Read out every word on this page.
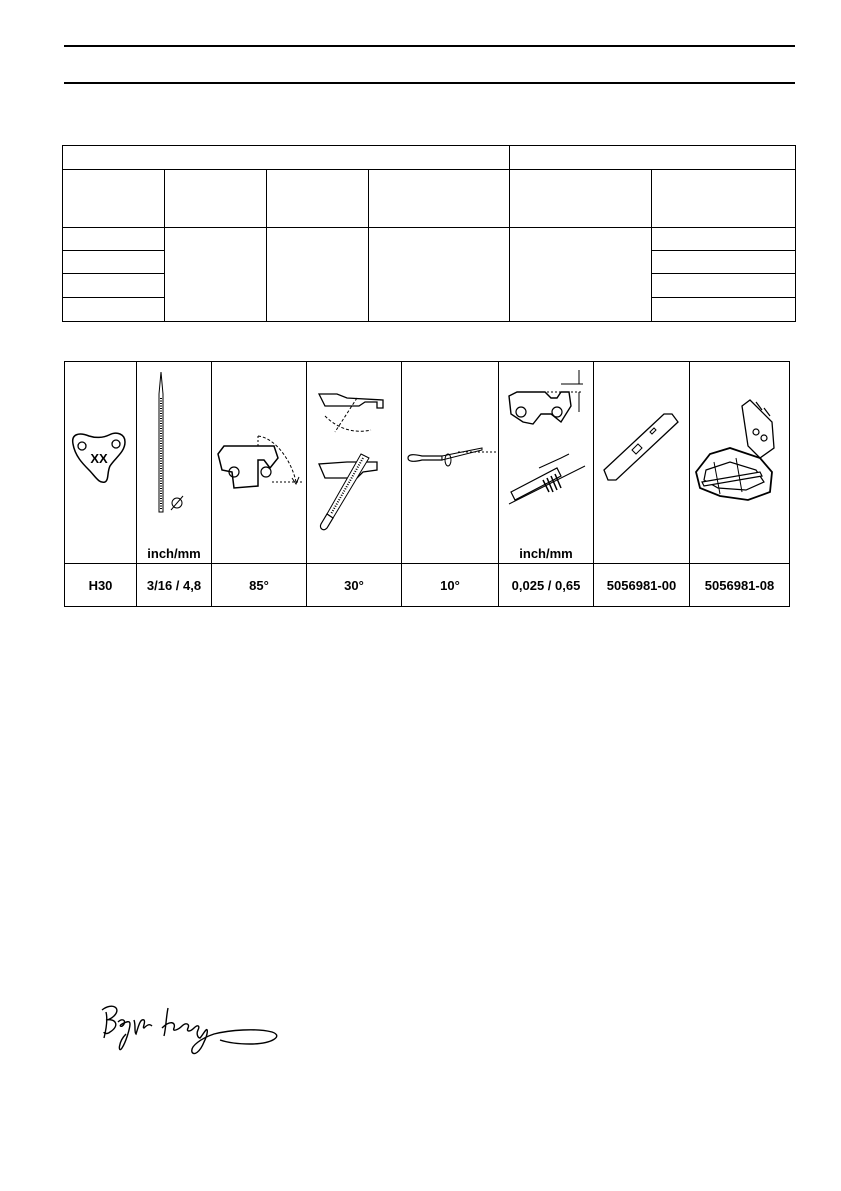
XX	inch/mm				inch/mm

H30	3/16 / 4,8	85°	30°	10°	0,025 / 0,65	5056981-00	5056981-08
